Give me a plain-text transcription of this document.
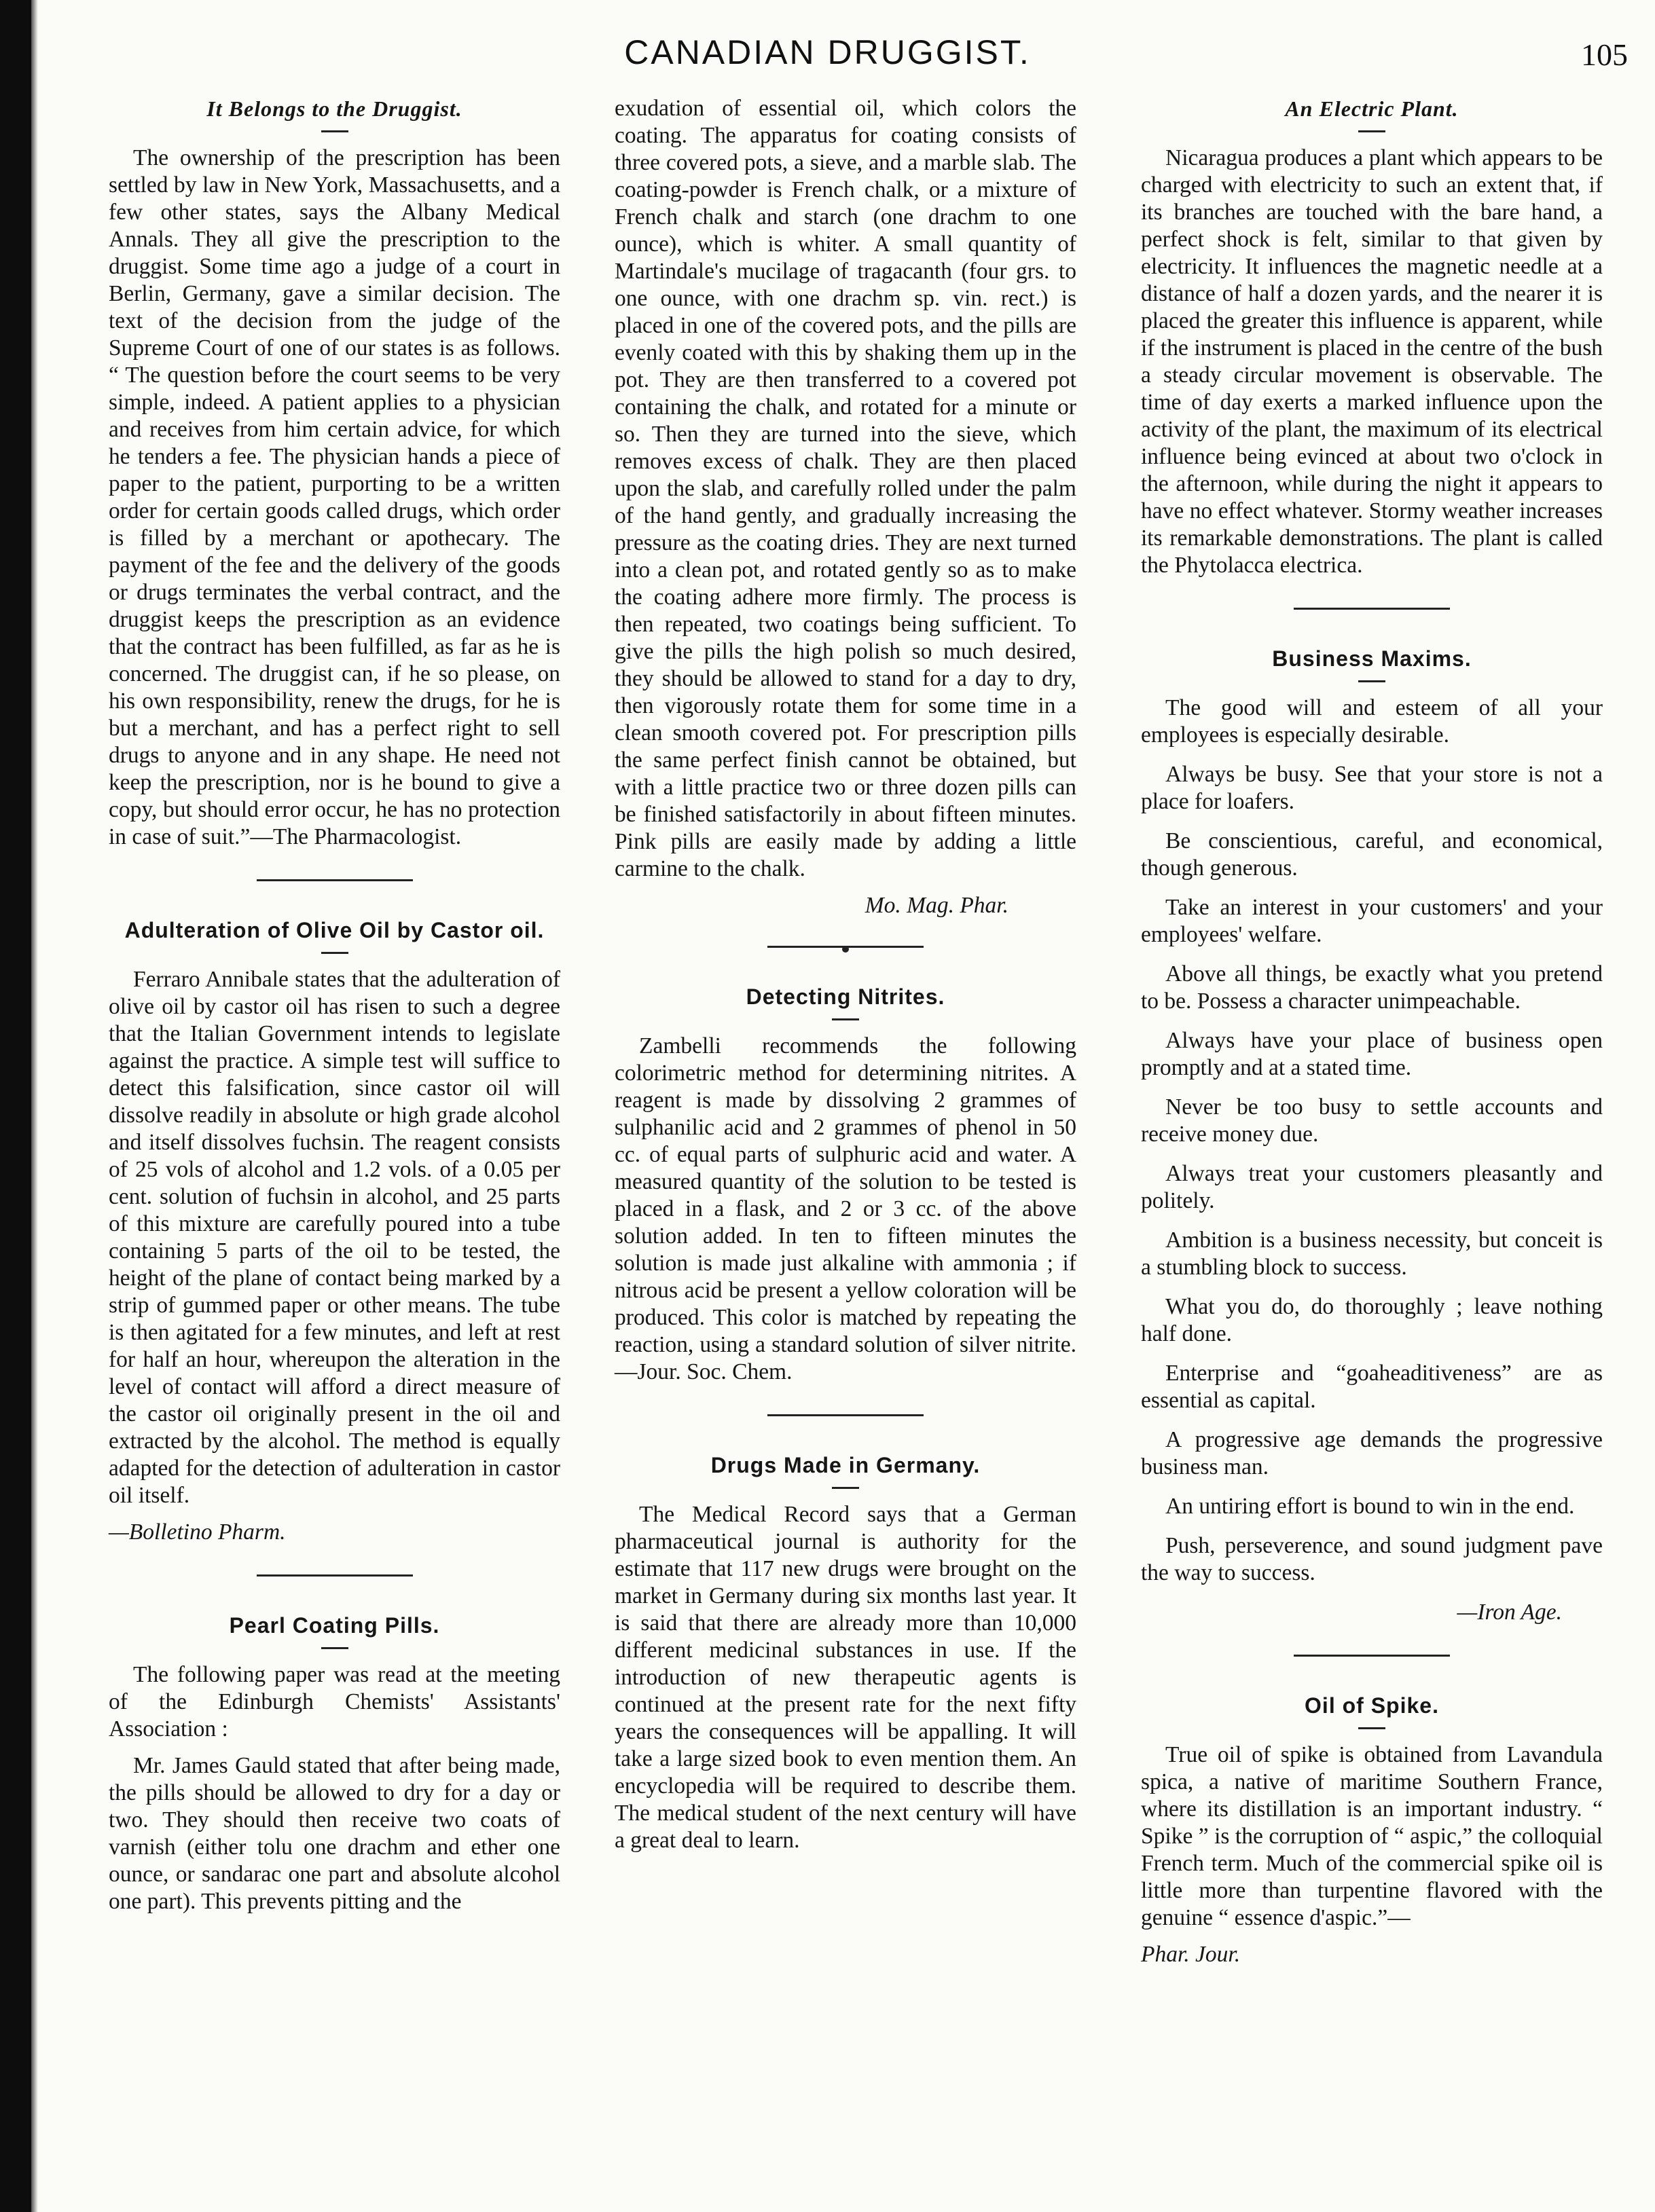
CANADIAN DRUGGIST.	105
It Belongs to the Druggist.

The ownership of the prescription has been settled by law in New York, Massachusetts, and a few other states, says the Albany Medical Annals. They all give the prescription to the druggist. Some time ago a judge of a court in Berlin, Germany, gave a similar decision. The text of the decision from the judge of the Supreme Court of one of our states is as follows. “ The question before the court seems to be very simple, indeed. A patient applies to a physician and receives from him certain advice, for which he tenders a fee. The physician hands a piece of paper to the patient, purporting to be a written order for certain goods called drugs, which order is filled by a merchant or apothecary. The payment of the fee and the delivery of the goods or drugs terminates the verbal contract, and the druggist keeps the prescription as an evidence that the contract has been fulfilled, as far as he is concerned. The druggist can, if he so please, on his own responsibility, renew the drugs, for he is but a merchant, and has a perfect right to sell drugs to anyone and in any shape. He need not keep the prescription, nor is he bound to give a copy, but should error occur, he has no protection in case of suit.”—The Pharmacologist.

Adulteration of Olive Oil by Castor oil.

Ferraro Annibale states that the adulteration of olive oil by castor oil has risen to such a degree that the Italian Government intends to legislate against the practice. A simple test will suffice to detect this falsification, since castor oil will dissolve readily in absolute or high grade alcohol and itself dissolves fuchsin. The reagent consists of 25 vols of alcohol and 1.2 vols. of a 0.05 per cent. solution of fuchsin in alcohol, and 25 parts of this mixture are carefully poured into a tube containing 5 parts of the oil to be tested, the height of the plane of contact being marked by a strip of gummed paper or other means. The tube is then agitated for a few minutes, and left at rest for half an hour, whereupon the alteration in the level of contact will afford a direct measure of the castor oil originally present in the oil and extracted by the alcohol. The method is equally adapted for the detection of adulteration in castor oil itself.

—Bolletino Pharm.

Pearl Coating Pills.

The following paper was read at the meeting of the Edinburgh Chemists' Assistants' Association :

Mr. James Gauld stated that after being made, the pills should be allowed to dry for a day or two. They should then receive two coats of varnish (either tolu one drachm and ether one ounce, or sandarac one part and absolute alcohol one part). This prevents pitting and the

exudation of essential oil, which colors the coating. The apparatus for coating consists of three covered pots, a sieve, and a marble slab. The coating-powder is French chalk, or a mixture of French chalk and starch (one drachm to one ounce), which is whiter. A small quantity of Martindale's mucilage of tragacanth (four grs. to one ounce, with one drachm sp. vin. rect.) is placed in one of the covered pots, and the pills are evenly coated with this by shaking them up in the pot. They are then transferred to a covered pot containing the chalk, and rotated for a minute or so. Then they are turned into the sieve, which removes excess of chalk. They are then placed upon the slab, and carefully rolled under the palm of the hand gently, and gradually increasing the pressure as the coating dries. They are next turned into a clean pot, and rotated gently so as to make the coating adhere more firmly. The process is then repeated, two coatings being sufficient. To give the pills the high polish so much desired, they should be allowed to stand for a day to dry, then vigorously rotate them for some time in a clean smooth covered pot. For prescription pills the same perfect finish cannot be obtained, but with a little practice two or three dozen pills can be finished satisfactorily in about fifteen minutes. Pink pills are easily made by adding a little carmine to the chalk.

Mo. Mag. Phar.

Detecting Nitrites.

Zambelli recommends the following colorimetric method for determining nitrites. A reagent is made by dissolving 2 grammes of sulphanilic acid and 2 grammes of phenol in 50 cc. of equal parts of sulphuric acid and water. A measured quantity of the solution to be tested is placed in a flask, and 2 or 3 cc. of the above solution added. In ten to fifteen minutes the solution is made just alkaline with ammonia ; if nitrous acid be present a yellow coloration will be produced. This color is matched by repeating the reaction, using a standard solution of silver nitrite.—Jour. Soc. Chem.

Drugs Made in Germany.

The Medical Record says that a German pharmaceutical journal is authority for the estimate that 117 new drugs were brought on the market in Germany during six months last year. It is said that there are already more than 10,000 different medicinal substances in use. If the introduction of new therapeutic agents is continued at the present rate for the next fifty years the consequences will be appalling. It will take a large sized book to even mention them. An encyclopedia will be required to describe them. The medical student of the next century will have a great deal to learn.

An Electric Plant.

Nicaragua produces a plant which appears to be charged with electricity to such an extent that, if its branches are touched with the bare hand, a perfect shock is felt, similar to that given by electricity. It influences the magnetic needle at a distance of half a dozen yards, and the nearer it is placed the greater this influence is apparent, while if the instrument is placed in the centre of the bush a steady circular movement is observable. The time of day exerts a marked influence upon the activity of the plant, the maximum of its electrical influence being evinced at about two o'clock in the afternoon, while during the night it appears to have no effect whatever. Stormy weather increases its remarkable demonstrations. The plant is called the Phytolacca electrica.

Business Maxims.

The good will and esteem of all your employees is especially desirable.

Always be busy. See that your store is not a place for loafers.

Be conscientious, careful, and economical, though generous.

Take an interest in your customers' and your employees' welfare.

Above all things, be exactly what you pretend to be. Possess a character unimpeachable.

Always have your place of business open promptly and at a stated time.

Never be too busy to settle accounts and receive money due.

Always treat your customers pleasantly and politely.

Ambition is a business necessity, but conceit is a stumbling block to success.

What you do, do thoroughly ; leave nothing half done.

Enterprise and “goaheaditiveness” are as essential as capital.

A progressive age demands the progressive business man.

An untiring effort is bound to win in the end.

Push, perseverence, and sound judgment pave the way to success.

—Iron Age.

Oil of Spike.

True oil of spike is obtained from Lavandula spica, a native of maritime Southern France, where its distillation is an important industry. “ Spike ” is the corruption of “ aspic,” the colloquial French term. Much of the commercial spike oil is little more than turpentine flavored with the genuine “ essence d'aspic.”—

Phar. Jour.
